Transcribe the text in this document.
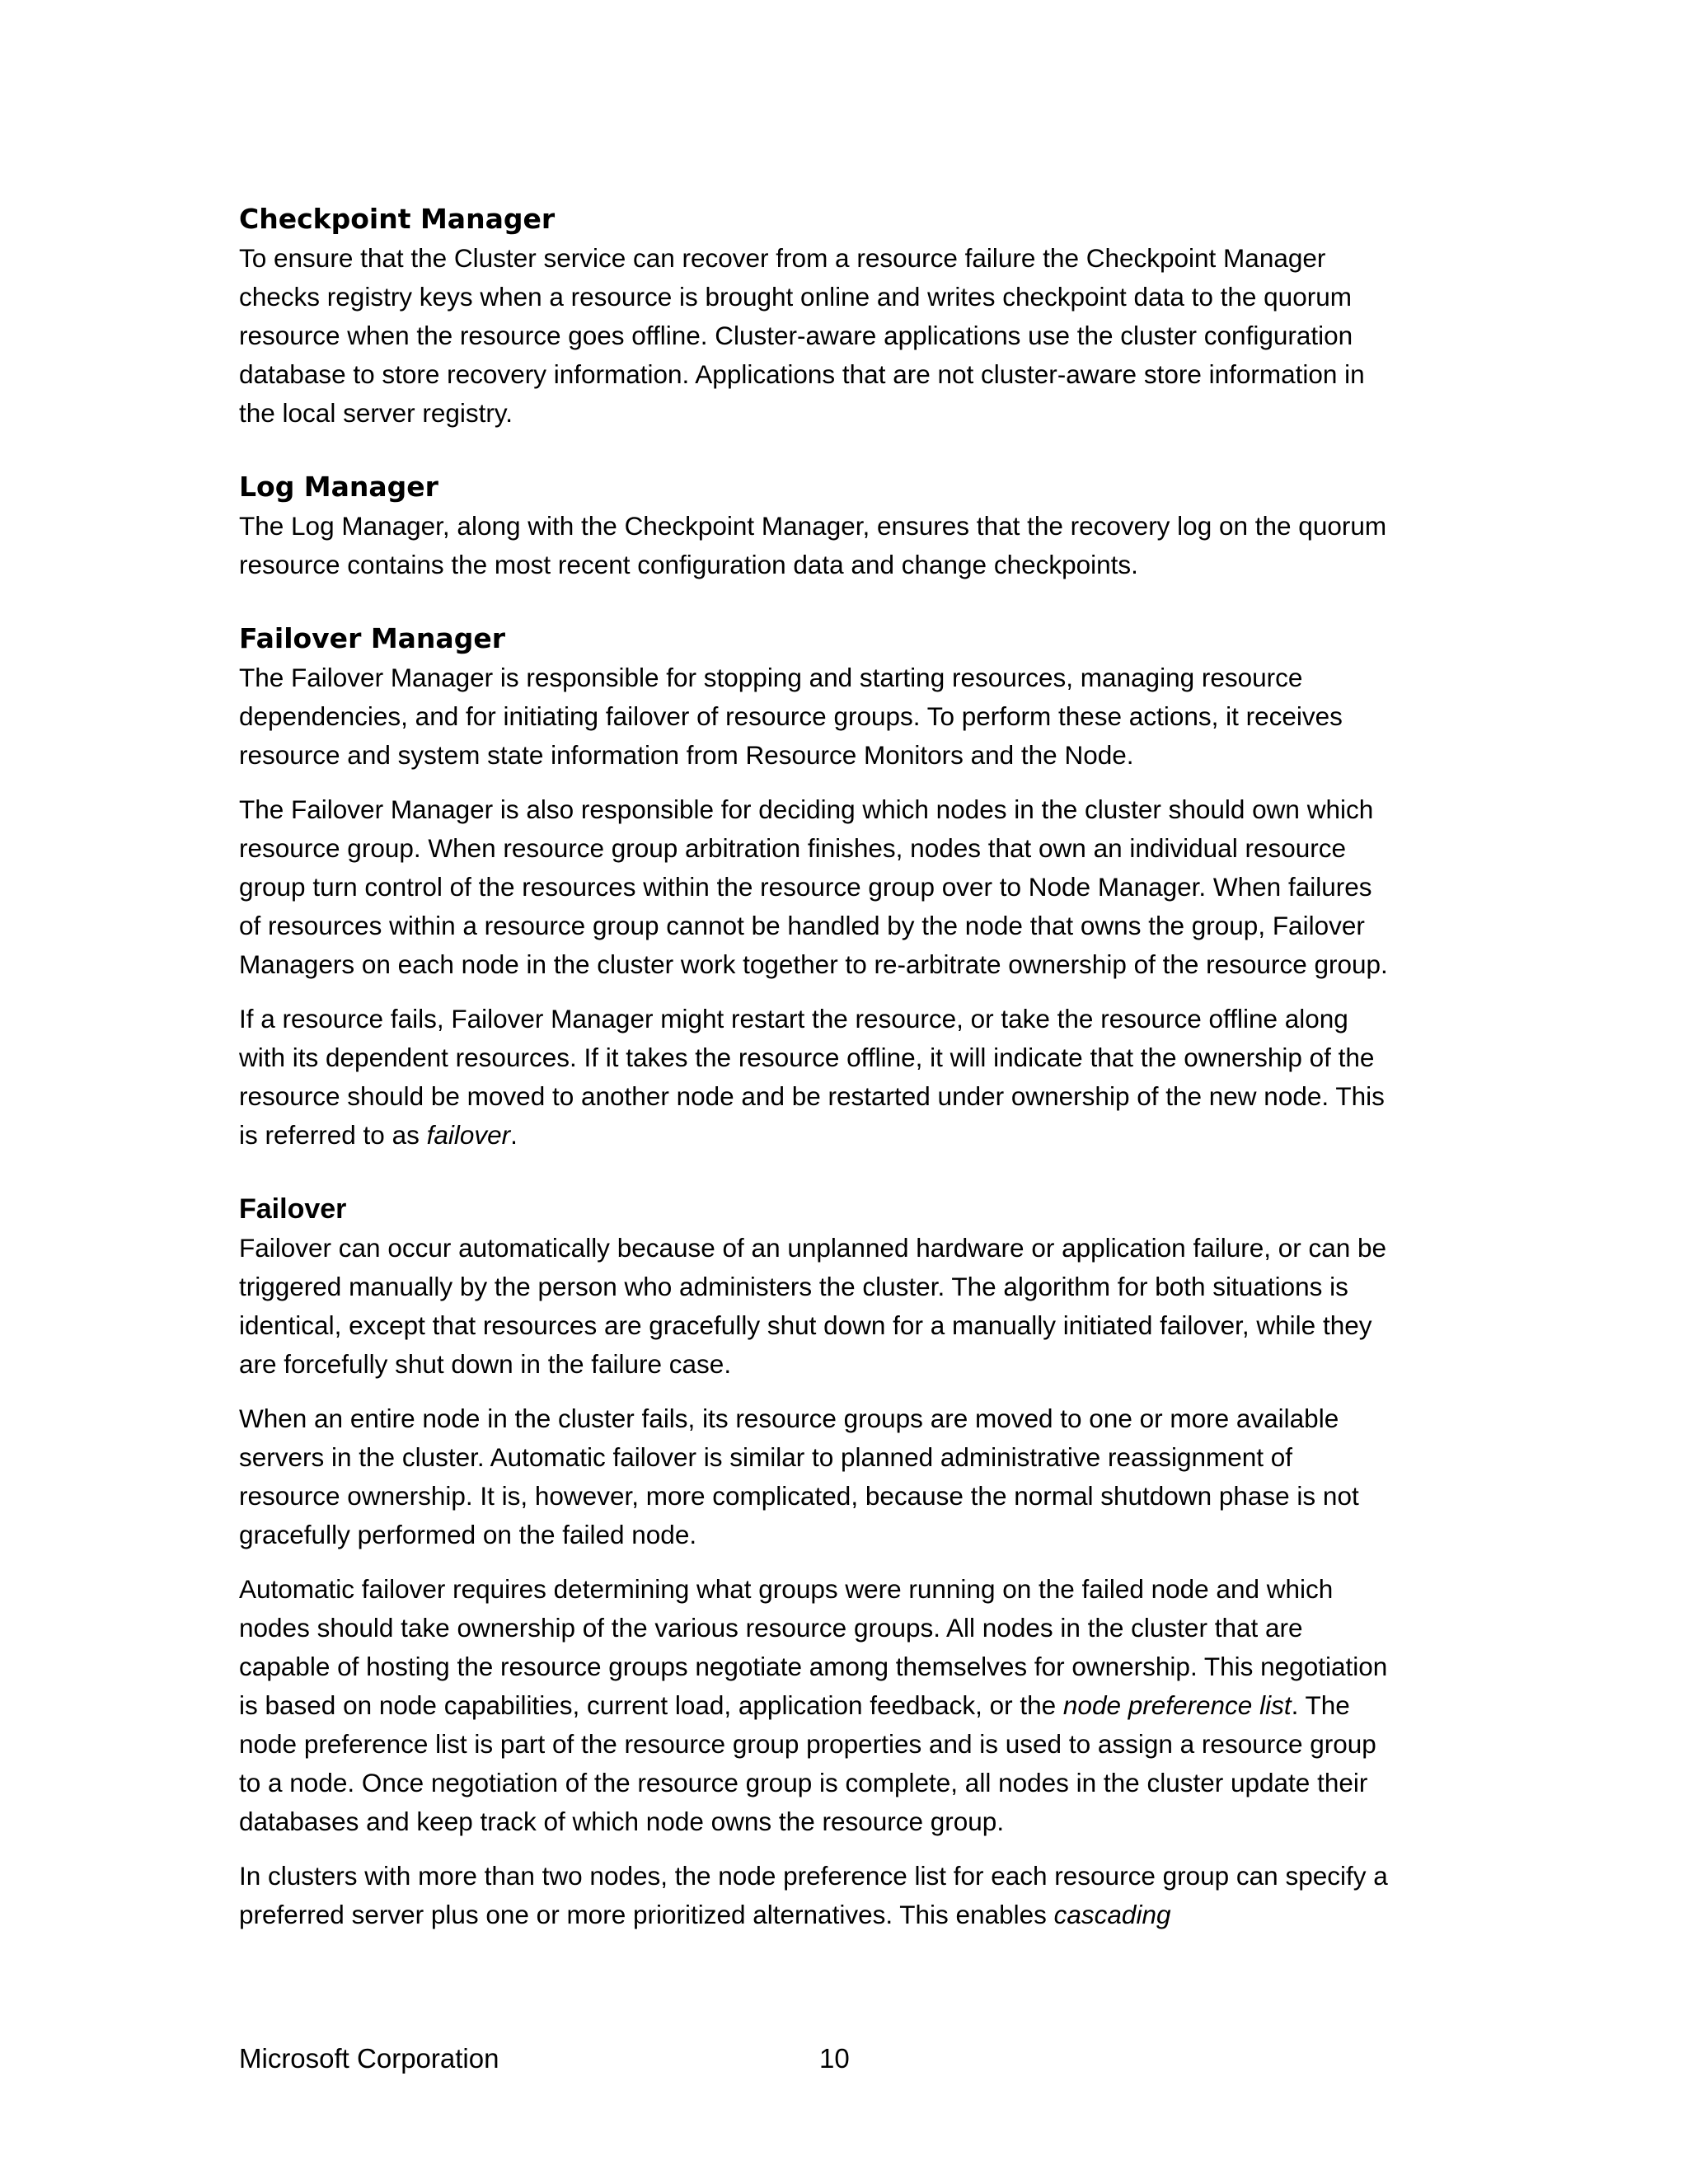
Checkpoint Manager

To ensure that the Cluster service can recover from a resource failure the Checkpoint Manager checks registry keys when a resource is brought online and writes checkpoint data to the quorum resource when the resource goes offline. Cluster-aware applications use the cluster configuration database to store recovery information. Applications that are not cluster-aware store information in the local server registry.

Log Manager

The Log Manager, along with the Checkpoint Manager, ensures that the recovery log on the quorum resource contains the most recent configuration data and change checkpoints.

Failover Manager

The Failover Manager is responsible for stopping and starting resources, managing resource dependencies, and for initiating failover of resource groups. To perform these actions, it receives resource and system state information from Resource Monitors and the Node.

The Failover Manager is also responsible for deciding which nodes in the cluster should own which resource group. When resource group arbitration finishes, nodes that own an individual resource group turn control of the resources within the resource group over to Node Manager. When failures of resources within a resource group cannot be handled by the node that owns the group, Failover Managers on each node in the cluster work together to re-arbitrate ownership of the resource group.

If a resource fails, Failover Manager might restart the resource, or take the resource offline along with its dependent resources. If it takes the resource offline, it will indicate that the ownership of the resource should be moved to another node and be restarted under ownership of the new node. This is referred to as failover.

Failover

Failover can occur automatically because of an unplanned hardware or application failure, or can be triggered manually by the person who administers the cluster. The algorithm for both situations is identical, except that resources are gracefully shut down for a manually initiated failover, while they are forcefully shut down in the failure case.

When an entire node in the cluster fails, its resource groups are moved to one or more available servers in the cluster. Automatic failover is similar to planned administrative reassignment of resource ownership. It is, however, more complicated, because the normal shutdown phase is not gracefully performed on the failed node.

Automatic failover requires determining what groups were running on the failed node and which nodes should take ownership of the various resource groups. All nodes in the cluster that are capable of hosting the resource groups negotiate among themselves for ownership. This negotiation is based on node capabilities, current load, application feedback, or the node preference list. The node preference list is part of the resource group properties and is used to assign a resource group to a node. Once negotiation of the resource group is complete, all nodes in the cluster update their databases and keep track of which node owns the resource group.

In clusters with more than two nodes, the node preference list for each resource group can specify a preferred server plus one or more prioritized alternatives. This enables cascading

Microsoft Corporation	10
